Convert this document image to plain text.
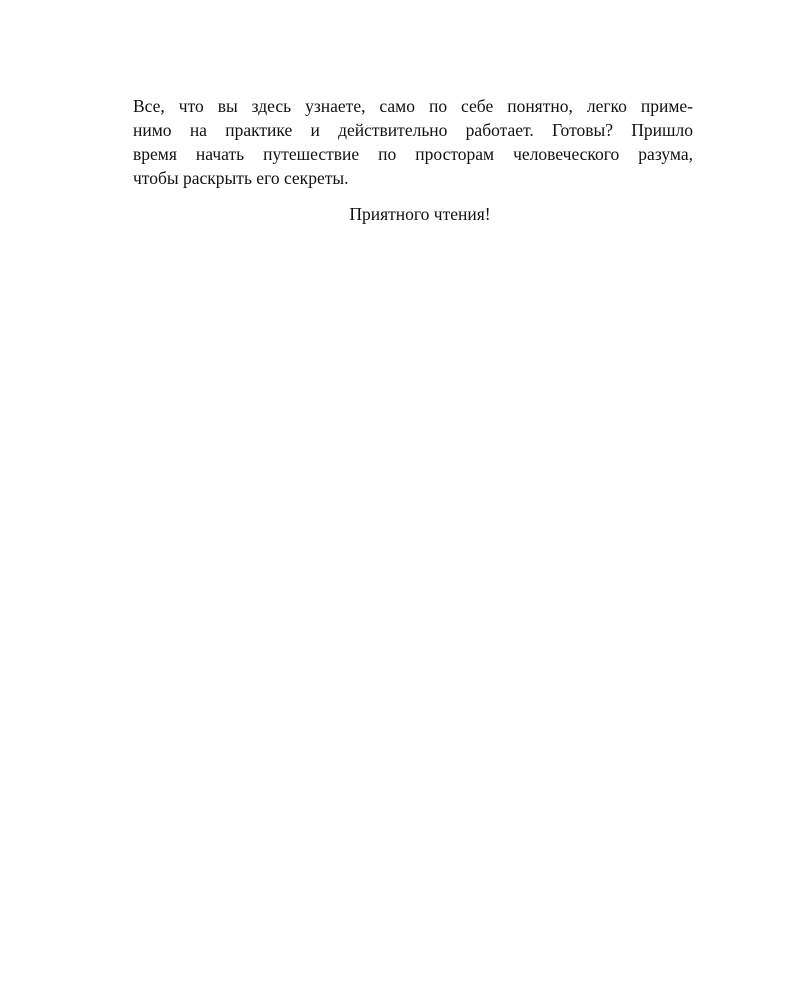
Все, что вы здесь узнаете, само по себе понятно, легко приме-
нимо на практике и действительно работает. Готовы? Пришло
время начать путешествие по просторам человеческого разума,
чтобы раскрыть его секреты.
Приятного чтения!
